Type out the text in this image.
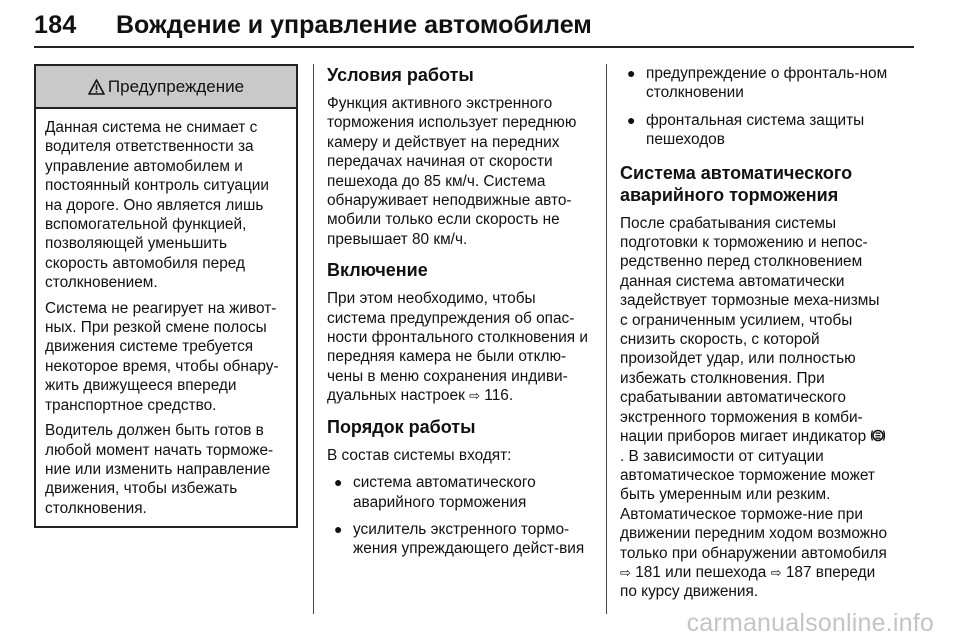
184	Вождение и управление автомобилем
Предупреждение

Данная система не снимает с водителя ответственности за управление автомобилем и постоянный контроль ситуации на дороге. Оно является лишь вспомогательной функцией, позволяющей уменьшить скорость автомобиля перед столкновением.

Система не реагирует на живот-ных. При резкой смене полосы движения системе требуется некоторое время, чтобы обнару-жить движущееся впереди транспортное средство.

Водитель должен быть готов в любой момент начать торможе-ние или изменить направление движения, чтобы избежать столкновения.

Условия работы

Функция активного экстренного торможения использует переднюю камеру и действует на передних передачах начиная от скорости пешехода до 85 км/ч. Система обнаруживает неподвижные авто-мобили только если скорость не превышает 80 км/ч.

Включение

При этом необходимо, чтобы система предупреждения об опас-ности фронтального столкновения и передняя камера не были отклю-чены в меню сохранения индиви-дуальных настроек ⇨ 116.

Порядок работы

В состав системы входят:

● система автоматического аварийного торможения
● усилитель экстренного тормо-жения упреждающего дейст-вия
● предупреждение о фронталь-ном столкновении
● фронтальная система защиты пешеходов
Система автоматического аварийного торможения

После срабатывания системы подготовки к торможению и непос-редственно перед столкновением данная система автоматически задействует тормозные меха-низмы с ограниченным усилием, чтобы снизить скорость, с которой произойдет удар, или полностью избежать столкновения. При срабатывании автоматического экстренного торможения в комби-нации приборов мигает индикатор . В зависимости от ситуации автоматическое торможение может быть умеренным или резким. Автоматическое торможе-ние при движении передним ходом возможно только при обнаружении автомобиля ⇨ 181 или пешехода ⇨ 187 впереди по курсу движения.

carmanualsonline.info
